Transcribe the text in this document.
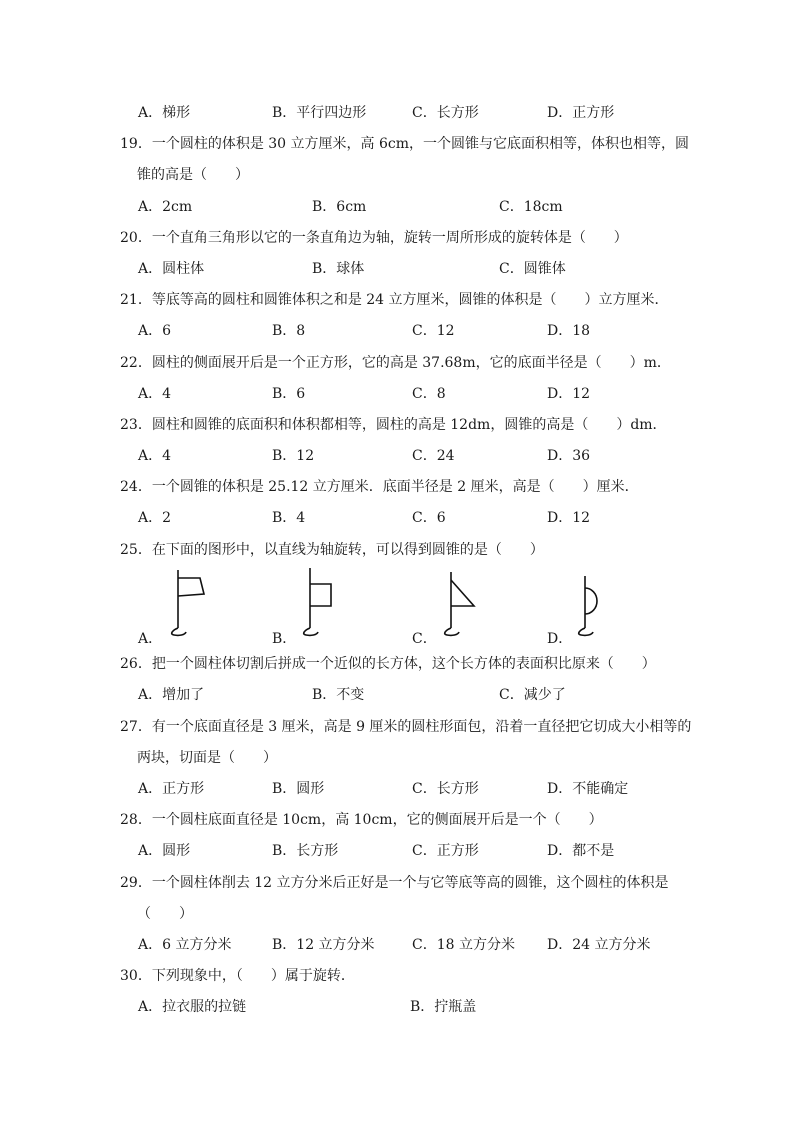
A．梯形	B．平行四边形	C．长方形	D．正方形
19．一个圆柱的体积是 30 立方厘米，高 6cm，一个圆锥与它底面积相等，体积也相等，圆
锥的高是（　　）
A．2cm	B．6cm	C．18cm
20．一个直角三角形以它的一条直角边为轴，旋转一周所形成的旋转体是（　　）
A．圆柱体	B．球体	C．圆锥体
21．等底等高的圆柱和圆锥体积之和是 24 立方厘米，圆锥的体积是（　　）立方厘米．
A．6	B．8	C．12	D．18
22．圆柱的侧面展开后是一个正方形，它的高是 37.68m，它的底面半径是（　　）m．
A．4	B．6	C．8	D．12
23．圆柱和圆锥的底面积和体积都相等，圆柱的高是 12dm，圆锥的高是（　　）dm．
A．4	B．12	C．24	D．36
24．一个圆锥的体积是 25.12 立方厘米．底面半径是 2 厘米，高是（　　）厘米．
A．2	B．4	C．6	D．12
25．在下面的图形中，以直线为轴旋转，可以得到圆锥的是（　　）
A．	B．	C．	D．
26．把一个圆柱体切割后拼成一个近似的长方体，这个长方体的表面积比原来（　　）
A．增加了	B．不变	C．减少了
27．有一个底面直径是 3 厘米，高是 9 厘米的圆柱形面包，沿着一直径把它切成大小相等的
两块，切面是（　　）
A．正方形	B．圆形	C．长方形	D．不能确定
28．一个圆柱底面直径是 10cm，高 10cm，它的侧面展开后是一个（　　）
A．圆形	B．长方形	C．正方形	D．都不是
29．一个圆柱体削去 12 立方分米后正好是一个与它等底等高的圆锥，这个圆柱的体积是
（　　）
A．6 立方分米	B．12 立方分米	C．18 立方分米 D．24 立方分米
30．下列现象中，（　　）属于旋转．
A．拉衣服的拉链	B．拧瓶盖
